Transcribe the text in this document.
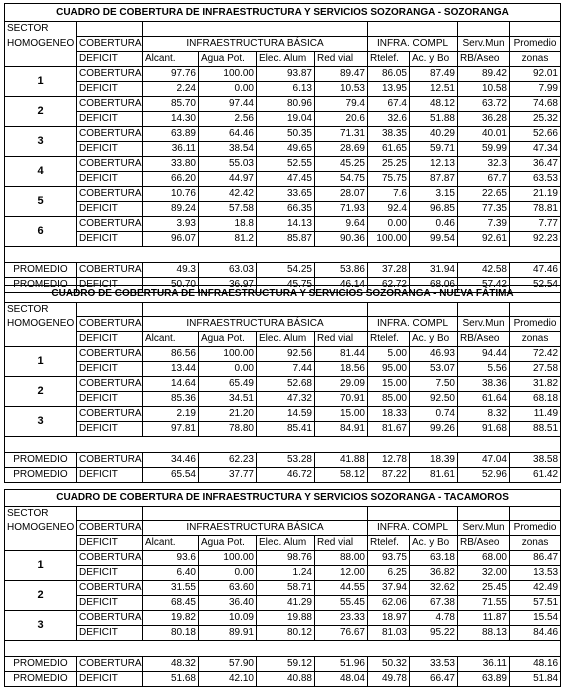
CUADRO DE COBERTURA DE INFRAESTRUCTURA Y SERVICIOS SOZORANGA - SOZORANGA									
SECTOR									
HOMOGENEO	COBERTURA	INFRAESTRUCTURA BÁSICA				INFRA. COMPL		Serv.Mun	Promedio
	DEFICIT	Alcant.	Agua Pot.	Elec. Alum	Red vial	Rtelef.	Ac. y Bo	RB/Aseo	zonas
1	COBERTURA	97.76	100.00	93.87	89.47	86.05	87.49	89.42	92.01
	DEFICIT	2.24	0.00	6.13	10.53	13.95	12.51	10.58	7.99
2	COBERTURA	85.70	97.44	80.96	79.4	67.4	48.12	63.72	74.68
	DEFICIT	14.30	2.56	19.04	20.6	32.6	51.88	36.28	25.32
3	COBERTURA	63.89	64.46	50.35	71.31	38.35	40.29	40.01	52.66
	DEFICIT	36.11	38.54	49.65	28.69	61.65	59.71	59.99	47.34
4	COBERTURA	33.80	55.03	52.55	45.25	25.25	12.13	32.3	36.47
	DEFICIT	66.20	44.97	47.45	54.75	75.75	87.87	67.7	63.53
5	COBERTURA	10.76	42.42	33.65	28.07	7.6	3.15	22.65	21.19
	DEFICIT	89.24	57.58	66.35	71.93	92.4	96.85	77.35	78.81
6	COBERTURA	3.93	18.8	14.13	9.64	0.00	0.46	7.39	7.77
	DEFICIT	96.07	81.2	85.87	90.36	100.00	99.54	92.61	92.23

PROMEDIO	COBERTURA	49.3	63.03	54.25	53.86	37.28	31.94	42.58	47.46
PROMEDIO	DEFICIT	50.70	36.97	45.75	46.14	62.72	68.06	57.42	52.54
CUADRO DE COBERTURA DE INFRAESTRUCTURA Y SERVICIOS SOZORANGA - NUEVA FÁTIMA									
SECTOR									
HOMOGENEO	COBERTURA	INFRAESTRUCTURA BÁSICA				INFRA. COMPL		Serv.Mun	Promedio
	DEFICIT	Alcant.	Agua Pot.	Elec. Alum	Red vial	Rtelef.	Ac. y Bo	RB/Aseo	zonas
1	COBERTURA	86.56	100.00	92.56	81.44	5.00	46.93	94.44	72.42
	DEFICIT	13.44	0.00	7.44	18.56	95.00	53.07	5.56	27.58
2	COBERTURA	14.64	65.49	52.68	29.09	15.00	7.50	38.36	31.82
	DEFICIT	85.36	34.51	47.32	70.91	85.00	92.50	61.64	68.18
3	COBERTURA	2.19	21.20	14.59	15.00	18.33	0.74	8.32	11.49
	DEFICIT	97.81	78.80	85.41	84.91	81.67	99.26	91.68	88.51

PROMEDIO	COBERTURA	34.46	62.23	53.28	41.88	12.78	18.39	47.04	38.58
PROMEDIO	DEFICIT	65.54	37.77	46.72	58.12	87.22	81.61	52.96	61.42
CUADRO DE COBERTURA DE INFRAESTRUCTURA Y SERVICIOS SOZORANGA - TACAMOROS									
SECTOR									
HOMOGENEO	COBERTURA	INFRAESTRUCTURA BÁSICA				INFRA. COMPL		Serv.Mun	Promedio
	DEFICIT	Alcant.	Agua Pot.	Elec. Alum	Red vial	Rtelef.	Ac. y Bo	RB/Aseo	zonas
1	COBERTURA	93.6	100.00	98.76	88.00	93.75	63.18	68.00	86.47
	DEFICIT	6.40	0.00	1.24	12.00	6.25	36.82	32.00	13.53
2	COBERTURA	31.55	63.60	58.71	44.55	37.94	32.62	25.45	42.49
	DEFICIT	68.45	36.40	41.29	55.45	62.06	67.38	71.55	57.51
3	COBERTURA	19.82	10.09	19.88	23.33	18.97	4.78	11.87	15.54
	DEFICIT	80.18	89.91	80.12	76.67	81.03	95.22	88.13	84.46

PROMEDIO	COBERTURA	48.32	57.90	59.12	51.96	50.32	33.53	36.11	48.16
PROMEDIO	DEFICIT	51.68	42.10	40.88	48.04	49.78	66.47	63.89	51.84
